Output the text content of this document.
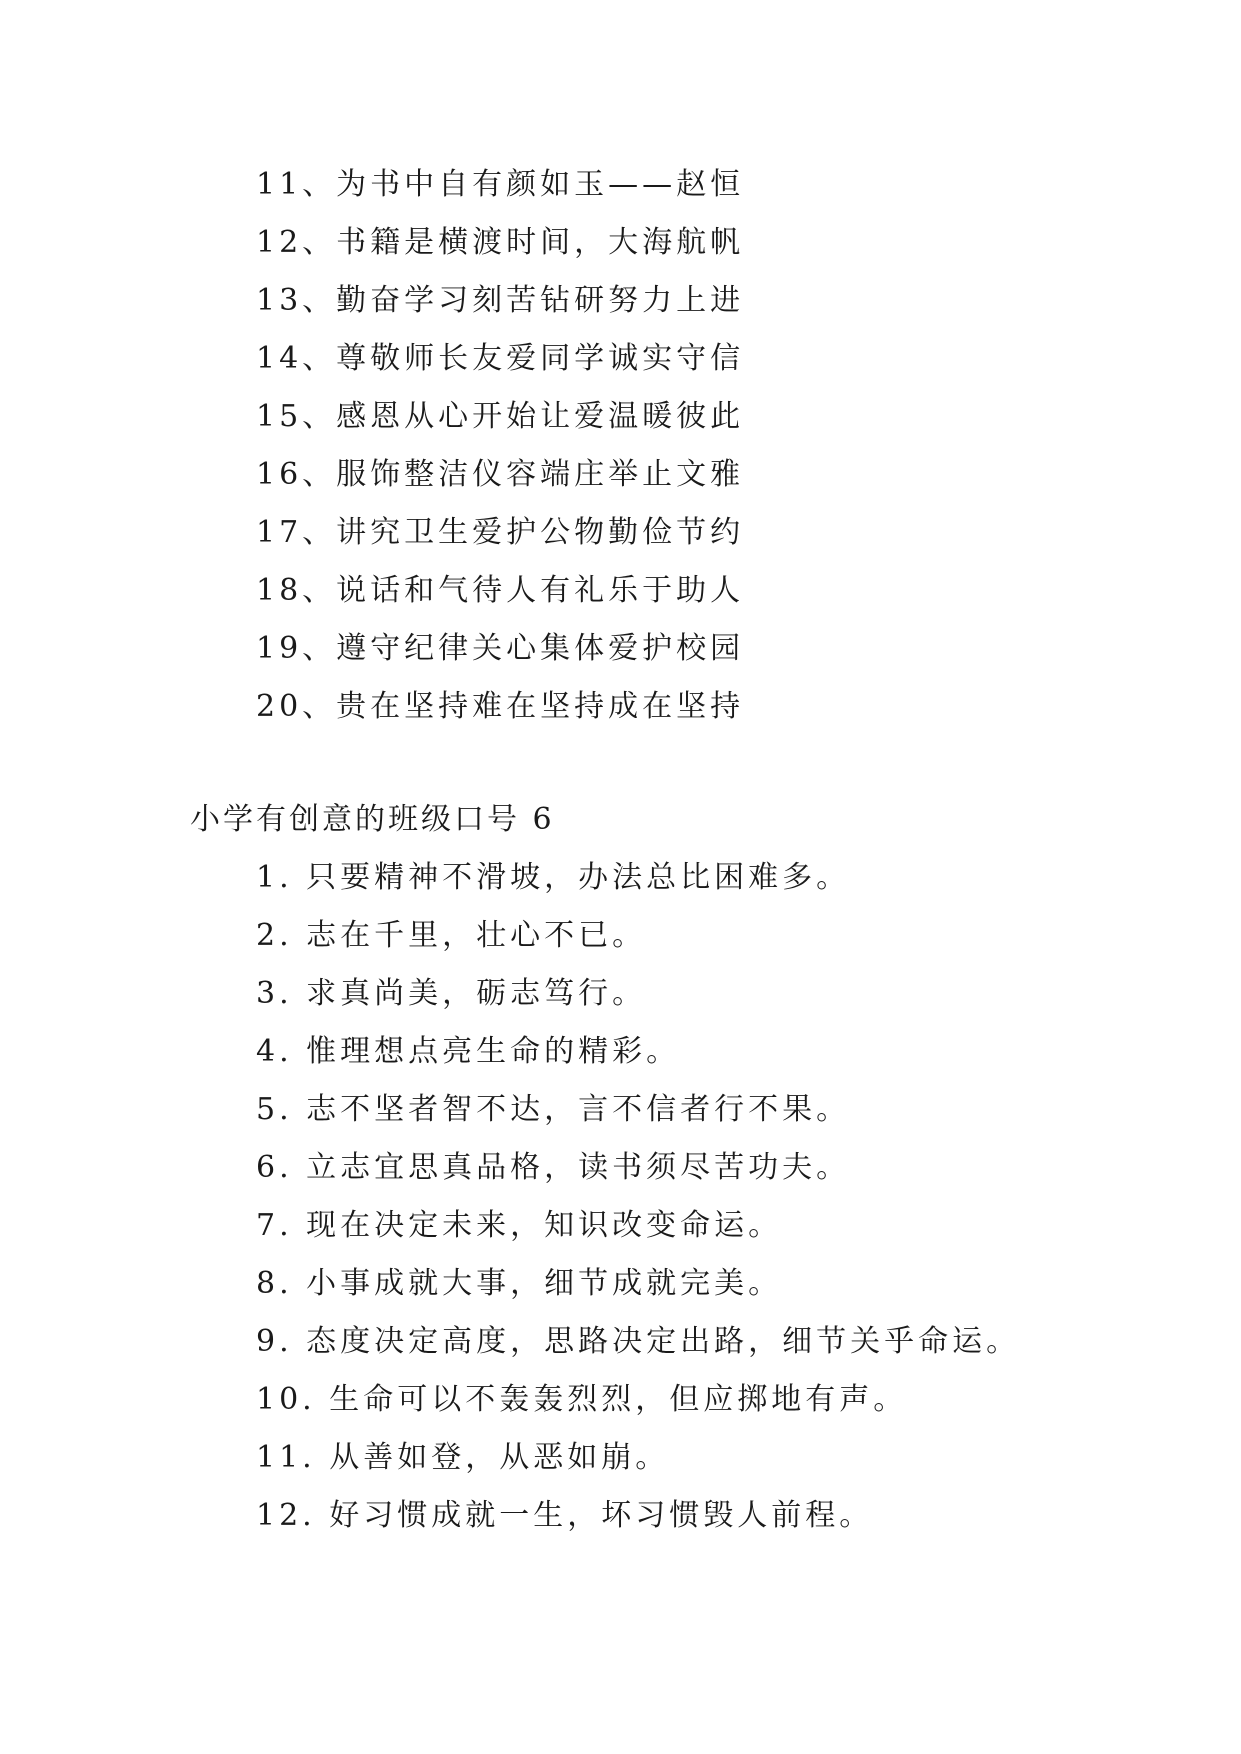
11、为书中自有颜如玉——赵恒
12、书籍是横渡时间，大海航帆
13、勤奋学习刻苦钻研努力上进
14、尊敬师长友爱同学诚实守信
15、感恩从心开始让爱温暖彼此
16、服饰整洁仪容端庄举止文雅
17、讲究卫生爱护公物勤俭节约
18、说话和气待人有礼乐于助人
19、遵守纪律关心集体爱护校园
20、贵在坚持难在坚持成在坚持
小学有创意的班级口号 6
1. 只要精神不滑坡，办法总比困难多。
2. 志在千里，壮心不已。
3. 求真尚美，砺志笃行。
4. 惟理想点亮生命的精彩。
5. 志不坚者智不达，言不信者行不果。
6. 立志宜思真品格，读书须尽苦功夫。
7. 现在决定未来，知识改变命运。
8. 小事成就大事，细节成就完美。
9. 态度决定高度，思路决定出路，细节关乎命运。
10. 生命可以不轰轰烈烈，但应掷地有声。
11. 从善如登，从恶如崩。
12. 好习惯成就一生，坏习惯毁人前程。
